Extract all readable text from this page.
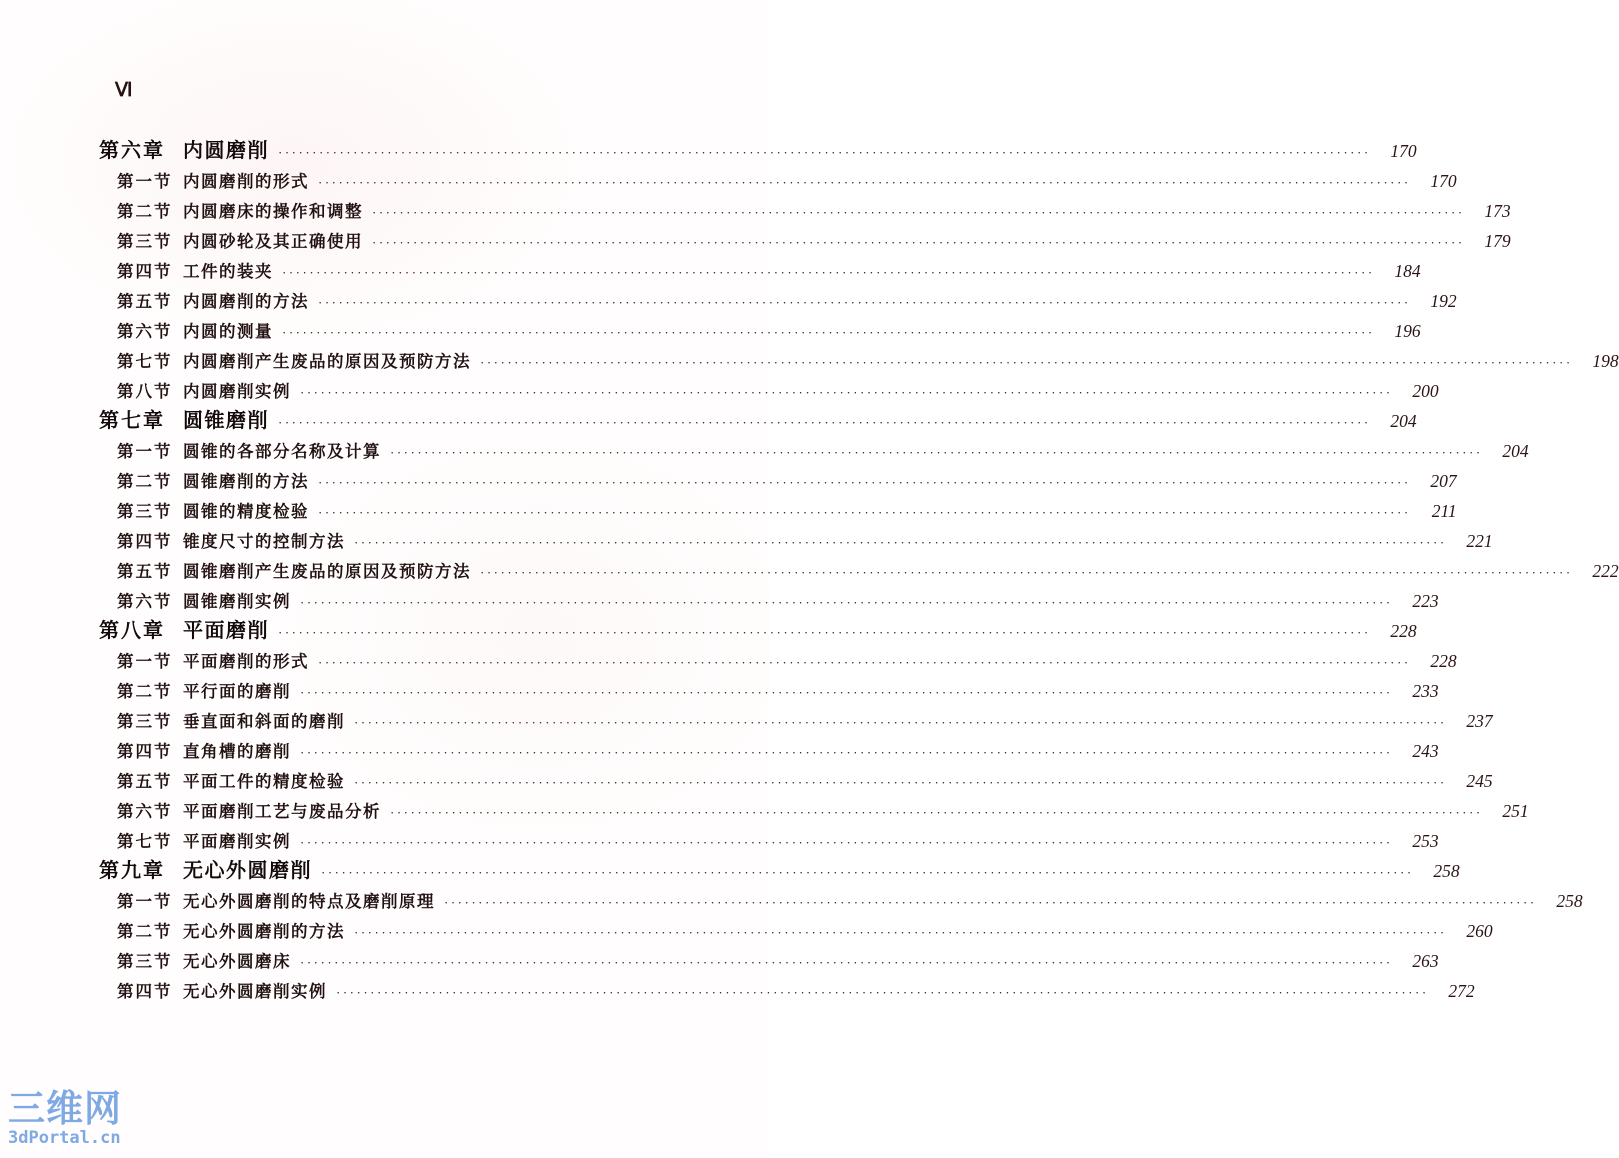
Ⅵ
第六章 内圆磨削 ································································································································································	170
第一节 内圆磨削的形式 ································································································································································	170
第二节 内圆磨床的操作和调整 ································································································································································	173
第三节 内圆砂轮及其正确使用 ································································································································································	179
第四节 工件的装夹 ································································································································································	184
第五节 内圆磨削的方法 ································································································································································	192
第六节 内圆的测量 ································································································································································	196
第七节 内圆磨削产生废品的原因及预防方法 ································································································································································	198
第八节 内圆磨削实例 ································································································································································	200
第七章 圆锥磨削 ································································································································································	204
第一节 圆锥的各部分名称及计算 ································································································································································	204
第二节 圆锥磨削的方法 ································································································································································	207
第三节 圆锥的精度检验 ································································································································································	211
第四节 锥度尺寸的控制方法 ································································································································································	221
第五节 圆锥磨削产生废品的原因及预防方法 ································································································································································	222
第六节 圆锥磨削实例 ································································································································································	223
第八章 平面磨削 ································································································································································	228
第一节 平面磨削的形式 ································································································································································	228
第二节 平行面的磨削 ································································································································································	233
第三节 垂直面和斜面的磨削 ································································································································································	237
第四节 直角槽的磨削 ································································································································································	243
第五节 平面工件的精度检验 ································································································································································	245
第六节 平面磨削工艺与废品分析 ································································································································································	251
第七节 平面磨削实例 ································································································································································	253
第九章 无心外圆磨削 ································································································································································	258
第一节 无心外圆磨削的特点及磨削原理 ································································································································································	258
第二节 无心外圆磨削的方法 ································································································································································	260
第三节 无心外圆磨床 ································································································································································	263
第四节 无心外圆磨削实例 ································································································································································	272
三维网
3dPortal.cn
